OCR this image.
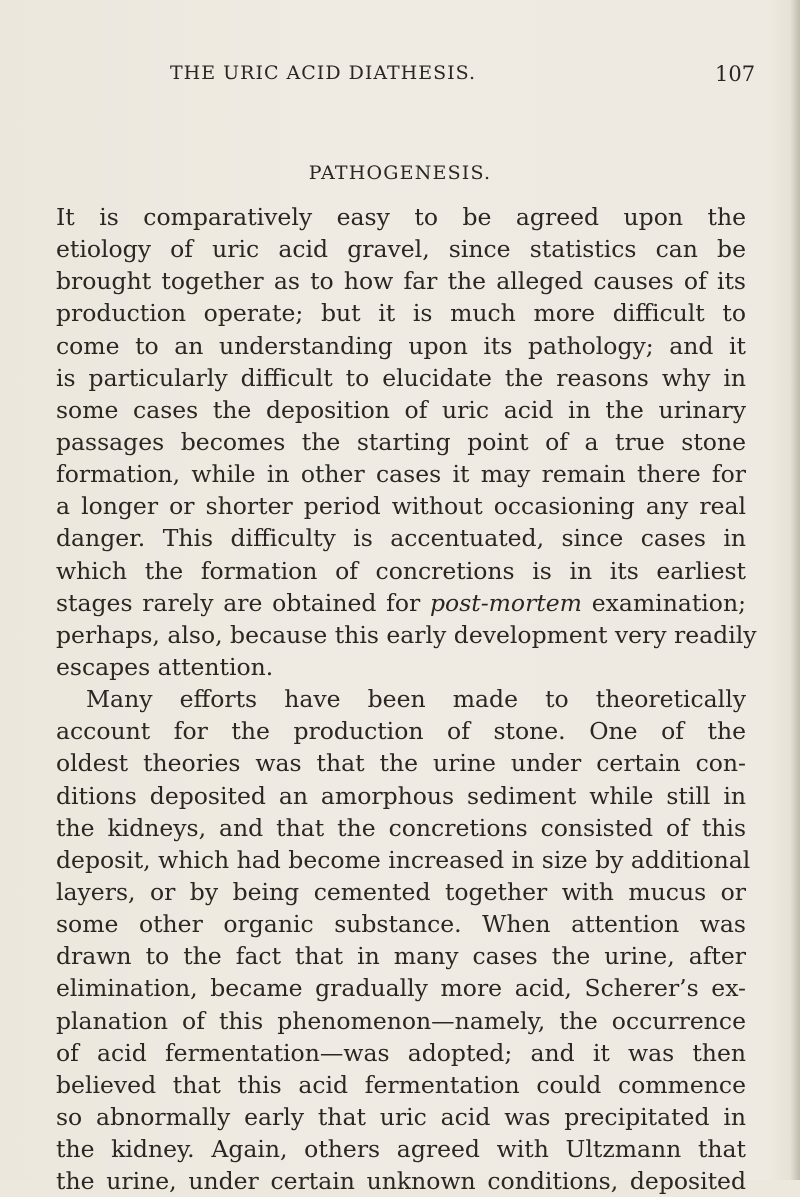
THE URIC ACID DIATHESIS.	107
PATHOGENESIS.
It is comparatively easy to be agreed upon the
etiology of uric acid gravel, since statistics can be
brought together as to how far the alleged causes of its
production operate; but it is much more difficult to
come to an understanding upon its pathology; and it
is particularly difficult to elucidate the reasons why in
some cases the deposition of uric acid in the urinary
passages becomes the starting point of a true stone
formation, while in other cases it may remain there for
a longer or shorter period without occasioning any real
danger. This difficulty is accentuated, since cases in
which the formation of concretions is in its earliest
stages rarely are obtained for post-mortem examination;
perhaps, also, because this early development very readily
escapes attention.
Many efforts have been made to theoretically
account for the production of stone. One of the
oldest theories was that the urine under certain con-
ditions deposited an amorphous sediment while still in
the kidneys, and that the concretions consisted of this
deposit, which had become increased in size by additional
layers, or by being cemented together with mucus or
some other organic substance. When attention was
drawn to the fact that in many cases the urine, after
elimination, became gradually more acid, Scherer’s ex-
planation of this phenomenon—namely, the occurrence
of acid fermentation—was adopted; and it was then
believed that this acid fermentation could commence
so abnormally early that uric acid was precipitated in
the kidney. Again, others agreed with Ultzmann that
the urine, under certain unknown conditions, deposited
